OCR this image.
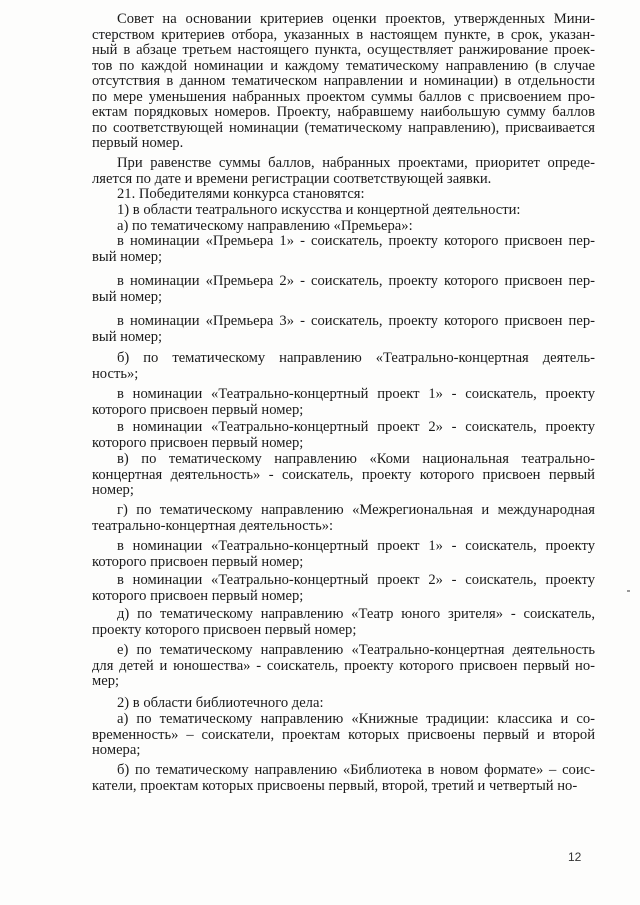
Совет на основании критериев оценки проектов, утвержденных Мини-
стерством критериев отбора, указанных в настоящем пункте, в срок, указан-
ный в абзаце третьем настоящего пункта, осуществляет ранжирование проек-
тов по каждой номинации и каждому тематическому направлению (в случае
отсутствия в данном тематическом направлении и номинации) в отдельности
по мере уменьшения набранных проектом суммы баллов с присвоением про-
ектам порядковых номеров. Проекту, набравшему наибольшую сумму баллов
по соответствующей номинации (тематическому направлению), присваивается
первый номер.
При равенстве суммы баллов, набранных проектами, приоритет опреде-
ляется по дате и времени регистрации соответствующей заявки.
21. Победителями конкурса становятся:
1) в области театрального искусства и концертной деятельности:
а) по тематическому направлению «Премьера»:
в номинации «Премьера 1» - соискатель, проекту которого присвоен пер-
вый номер;
в номинации «Премьера 2» - соискатель, проекту которого присвоен пер-
вый номер;
в номинации «Премьера 3» - соискатель, проекту которого присвоен пер-
вый номер;
б) по тематическому направлению «Театрально-концертная деятель-
ность»;
в номинации «Театрально-концертный проект 1» - соискатель, проекту
которого присвоен первый номер;
в номинации «Театрально-концертный проект 2» - соискатель, проекту
которого присвоен первый номер;
в) по тематическому направлению «Коми национальная театрально-
концертная деятельность» - соискатель, проекту которого присвоен первый
номер;
г) по тематическому направлению «Межрегиональная и международная
театрально-концертная деятельность»:
в номинации «Театрально-концертный проект 1» - соискатель, проекту
которого присвоен первый номер;
в номинации «Театрально-концертный проект 2» - соискатель, проекту
которого присвоен первый номер;
д) по тематическому направлению «Театр юного зрителя» - соискатель,
проекту которого присвоен первый номер;
е) по тематическому направлению «Театрально-концертная деятельность
для детей и юношества» - соискатель, проекту которого присвоен первый но-
мер;
2) в области библиотечного дела:
а) по тематическому направлению «Книжные традиции: классика и со-
временность» – соискатели, проектам которых присвоены первый и второй
номера;
б) по тематическому направлению «Библиотека в новом формате» – соис-
катели, проектам которых присвоены первый, второй, третий и четвертый но-
12
